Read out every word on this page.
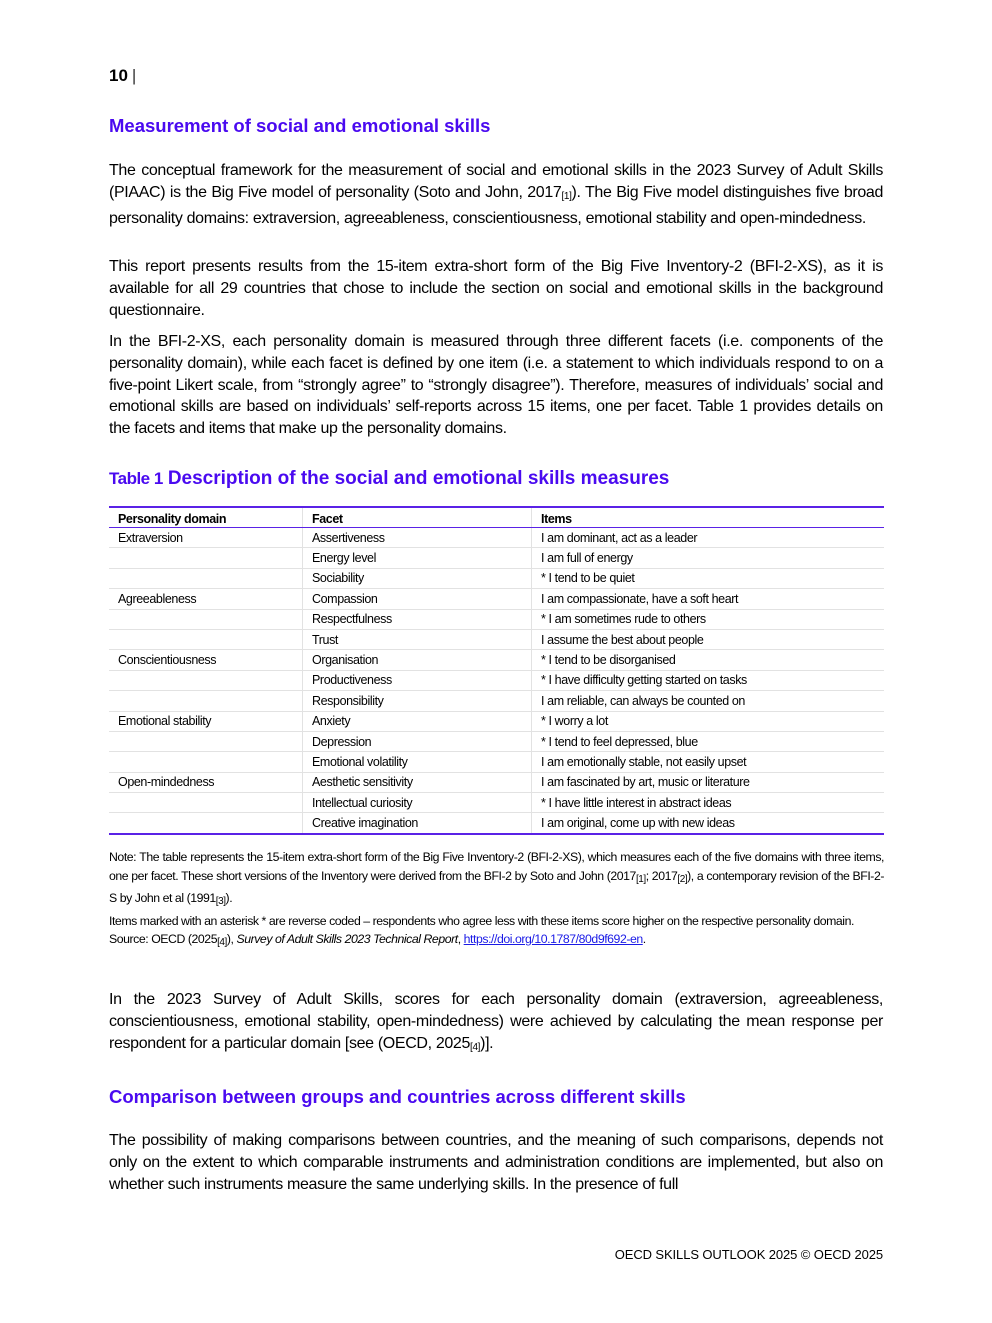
10 |
Measurement of social and emotional skills

The conceptual framework for the measurement of social and emotional skills in the 2023 Survey of Adult Skills (PIAAC) is the Big Five model of personality (Soto and John, $2017_{[1]}$). The Big Five model distinguishes five broad personality domains: extraversion, agreeableness, conscientiousness, emotional stability and open-mindedness.

This report presents results from the 15-item extra-short form of the Big Five Inventory-2 (BFI-2-XS), as it is available for all 29 countries that chose to include the section on social and emotional skills in the background questionnaire.

In the BFI-2-XS, each personality domain is measured through three different facets (i.e. components of the personality domain), while each facet is defined by one item (i.e. a statement to which individuals respond to on a five-point Likert scale, from “strongly agree” to “strongly disagree”). Therefore, measures of individuals’ social and emotional skills are based on individuals’ self-reports across 15 items, one per facet. Table 1 provides details on the facets and items that make up the personality domains.

Table 1 Description of the social and emotional skills measures
Personality domain	Facet	Items
Extraversion	Assertiveness	I am dominant, act as a leader
	Energy level	I am full of energy
	Sociability	* I tend to be quiet
Agreeableness	Compassion	I am compassionate, have a soft heart
	Respectfulness	* I am sometimes rude to others
	Trust	I assume the best about people
Conscientiousness	Organisation	* I tend to be disorganised
	Productiveness	* I have difficulty getting started on tasks
	Responsibility	I am reliable, can always be counted on
Emotional stability	Anxiety	* I worry a lot
	Depression	* I tend to feel depressed, blue
	Emotional volatility	I am emotionally stable, not easily upset
Open-mindedness	Aesthetic sensitivity	I am fascinated by art, music or literature
	Intellectual curiosity	* I have little interest in abstract ideas
	Creative imagination	I am original, come up with new ideas
Note: The table represents the 15-item extra-short form of the Big Five Inventory-2 (BFI-2-XS), which measures each of the five domains with three items, one per facet. These short versions of the Inventory were derived from the BFI-2 by Soto and John ($2017_{[1]}$; $2017_{[2]}$), a contemporary revision of the BFI-2-S by John et al $(1991_{[3]})$.
Items marked with an asterisk * are reverse coded – respondents who agree less with these items score higher on the respective personality domain.
Source: OECD $(2025_{[4]})$, Survey of Adult Skills 2023 Technical Report, https://doi.org/10.1787/80d9f692-en.

In the 2023 Survey of Adult Skills, scores for each personality domain (extraversion, agreeableness, conscientiousness, emotional stability, open-mindedness) were achieved by calculating the mean response per respondent for a particular domain [see (OECD, $2025_{[4]}$)].

Comparison between groups and countries across different skills

The possibility of making comparisons between countries, and the meaning of such comparisons, depends not only on the extent to which comparable instruments and administration conditions are implemented, but also on whether such instruments measure the same underlying skills. In the presence of full

OECD SKILLS OUTLOOK 2025 © OECD 2025
